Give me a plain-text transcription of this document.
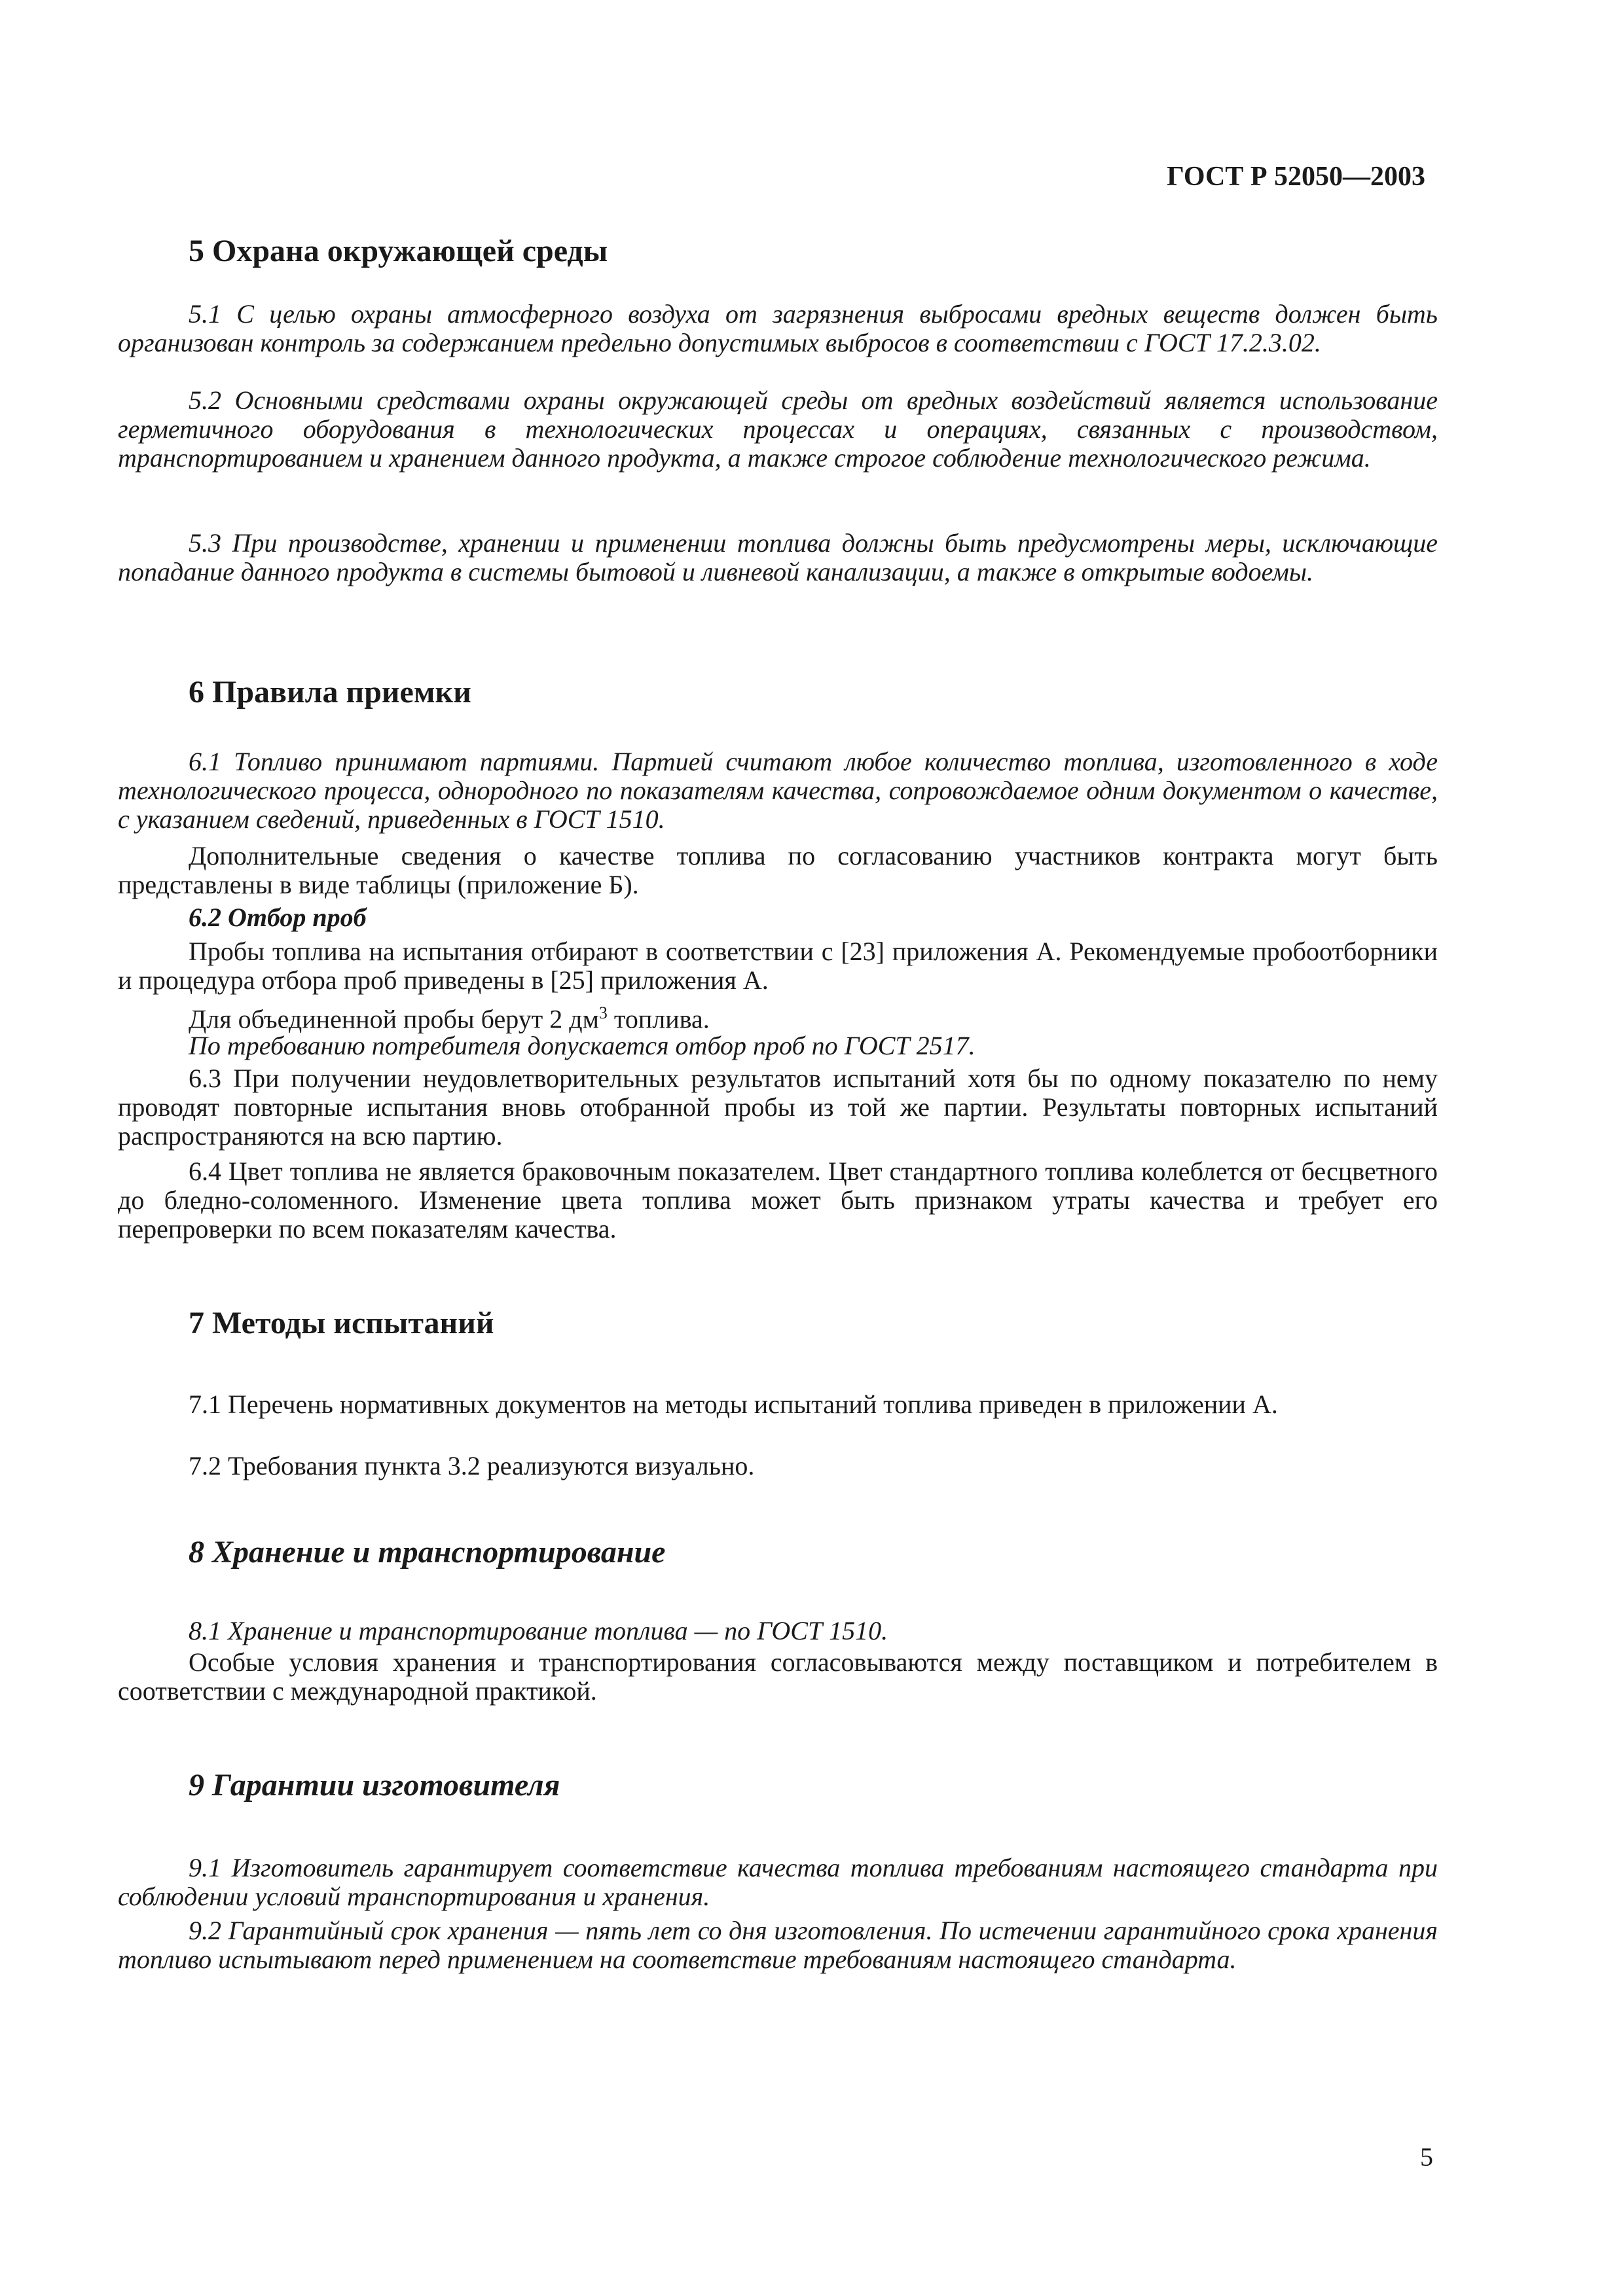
ГОСТ Р 52050—2003

5 Охрана окружающей среды

5.1 С целью охраны атмосферного воздуха от загрязнения выбросами вредных веществ должен быть организован контроль за содержанием предельно допустимых выбросов в соответствии с ГОСТ 17.2.3.02.

5.2 Основными средствами охраны окружающей среды от вредных воздействий является использование герметичного оборудования в технологических процессах и операциях, связанных с производством, транспортированием и хранением данного продукта, а также строгое соблюдение технологического режима.

5.3 При производстве, хранении и применении топлива должны быть предусмотрены меры, исключающие попадание данного продукта в системы бытовой и ливневой канализации, а также в открытые водоемы.

6 Правила приемки

6.1 Топливо принимают партиями. Партией считают любое количество топлива, изготовленного в ходе технологического процесса, однородного по показателям качества, сопровождаемое одним документом о качестве, с указанием сведений, приведенных в ГОСТ 1510.

Дополнительные сведения о качестве топлива по согласованию участников контракта могут быть представлены в виде таблицы (приложение Б).

6.2 Отбор проб

Пробы топлива на испытания отбирают в соответствии с [23] приложения А. Рекомендуемые пробоотборники и процедура отбора проб приведены в [25] приложения А.

Для объединенной пробы берут 2 $дм^3$ топлива.

По требованию потребителя допускается отбор проб по ГОСТ 2517.

6.3 При получении неудовлетворительных результатов испытаний хотя бы по одному показателю по нему проводят повторные испытания вновь отобранной пробы из той же партии. Результаты повторных испытаний распространяются на всю партию.

6.4 Цвет топлива не является браковочным показателем. Цвет стандартного топлива колеблется от бесцветного до бледно-соломенного. Изменение цвета топлива может быть признаком утраты качества и требует его перепроверки по всем показателям качества.

7 Методы испытаний

7.1 Перечень нормативных документов на методы испытаний топлива приведен в приложении А.

7.2 Требования пункта 3.2 реализуются визуально.

8 Хранение и транспортирование

8.1 Хранение и транспортирование топлива — по ГОСТ 1510.

Особые условия хранения и транспортирования согласовываются между поставщиком и потребителем в соответствии с международной практикой.

9 Гарантии изготовителя

9.1 Изготовитель гарантирует соответствие качества топлива требованиям настоящего стандарта при соблюдении условий транспортирования и хранения.

9.2 Гарантийный срок хранения — пять лет со дня изготовления. По истечении гарантийного срока хранения топливо испытывают перед применением на соответствие требованиям настоящего стандарта.

5
